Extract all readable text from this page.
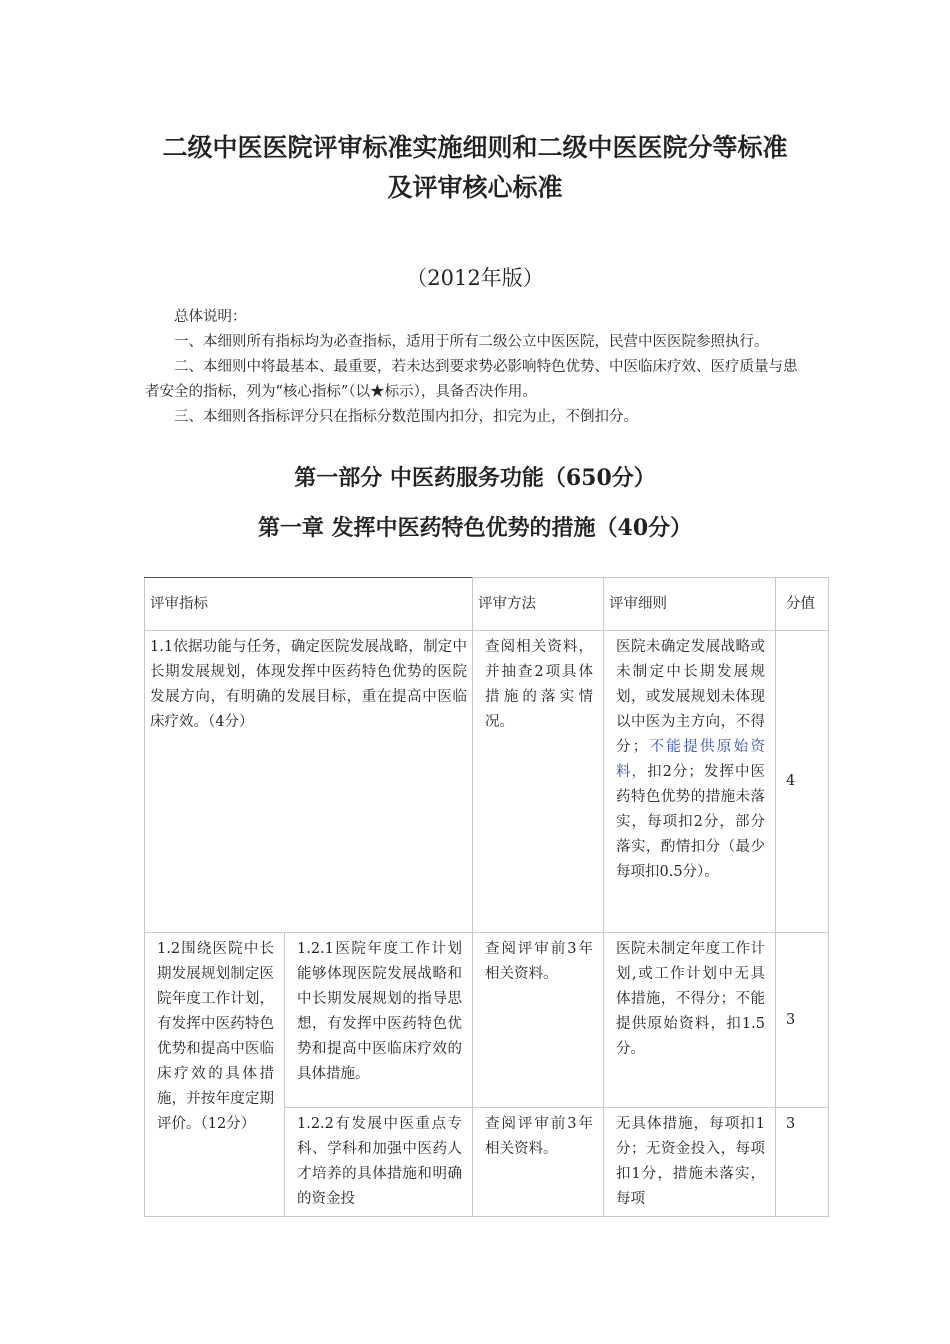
二级中医医院评审标准实施细则和二级中医医院分等标准
及评审核心标准
（2012年版）

总体说明：

一、本细则所有指标均为必查指标，适用于所有二级公立中医医院，民营中医医院参照执行。

二、本细则中将最基本、最重要，若未达到要求势必影响特色优势、中医临床疗效、医疗质量与患者安全的指标，列为“核心指标”（以★标示），具备否决作用。

三、本细则各指标评分只在指标分数范围内扣分，扣完为止，不倒扣分。

第一部分 中医药服务功能（650分）
第一章 发挥中医药特色优势的措施（40分）
评审指标		评审方法	评审细则	分值
1.1依据功能与任务，确定医院发展战略，制定中长期发展规划，体现发挥中医药特色优势的医院发展方向，有明确的发展目标，重在提高中医临床疗效。（4分）		查阅相关资料，并抽查2项具体措施的落实情况。	医院未确定发展战略或未制定中长期发展规划，或发展规划未体现以中医为主方向，不得分；不能提供原始资料，扣2分；发挥中医药特色优势的措施未落实，每项扣2分，部分落实，酌情扣分（最少每项扣0.5分）。	4
1.2围绕医院中长期发展规划制定医院年度工作计划，有发挥中医药特色优势和提高中医临床疗效的具体措施，并按年度定期评价。（12分）	1.2.1医院年度工作计划能够体现医院发展战略和中长期发展规划的指导思想，有发挥中医药特色优势和提高中医临床疗效的具体措施。	查阅评审前3年相关资料。	医院未制定年度工作计划,或工作计划中无具体措施，不得分；不能提供原始资料，扣1.5分。	3
	1.2.2有发展中医重点专科、学科和加强中医药人才培养的具体措施和明确的资金投	查阅评审前3年相关资料。	无具体措施，每项扣1分；无资金投入，每项扣1分，措施未落实，每项	3
